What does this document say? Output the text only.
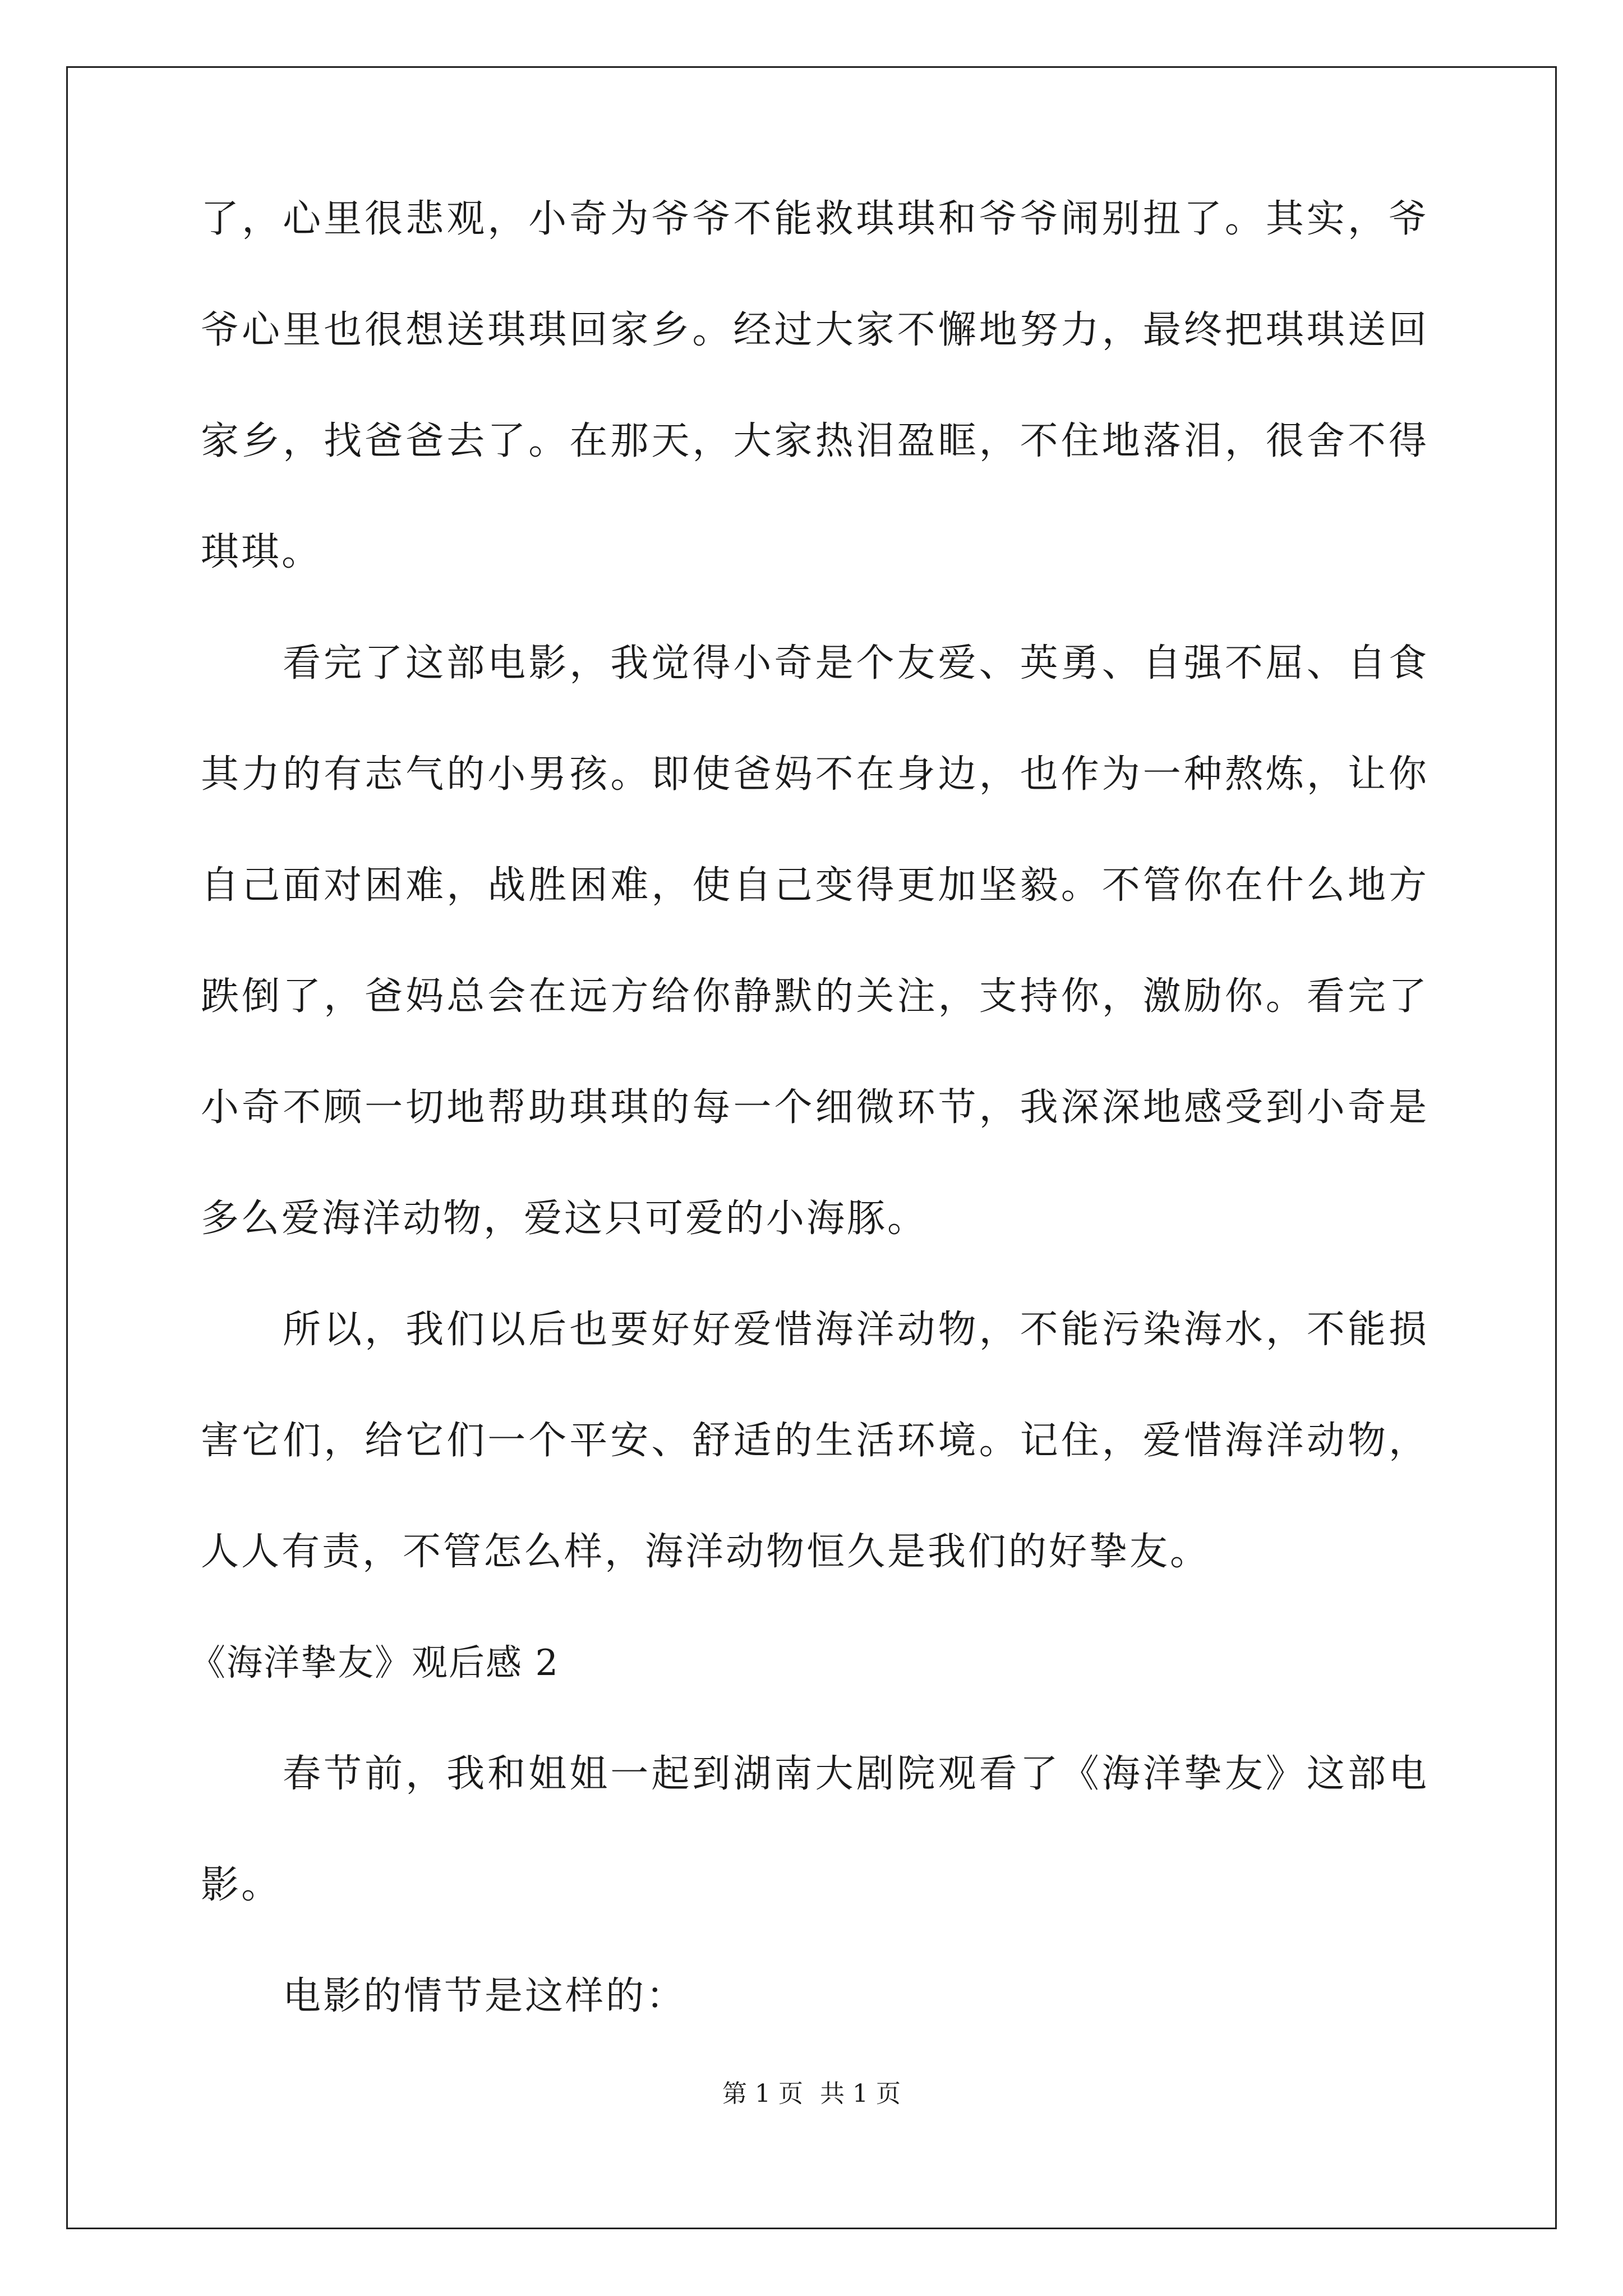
了，心里很悲观，小奇为爷爷不能救琪琪和爷爷闹别扭了。其实，爷
爷心里也很想送琪琪回家乡。经过大家不懈地努力，最终把琪琪送回
家乡，找爸爸去了。在那天，大家热泪盈眶，不住地落泪，很舍不得
琪琪。
看完了这部电影，我觉得小奇是个友爱、英勇、自强不屈、自食
其力的有志气的小男孩。即使爸妈不在身边，也作为一种熬炼，让你
自己面对困难，战胜困难，使自己变得更加坚毅。不管你在什么地方
跌倒了，爸妈总会在远方给你静默的关注，支持你，激励你。看完了
小奇不顾一切地帮助琪琪的每一个细微环节，我深深地感受到小奇是
多么爱海洋动物，爱这只可爱的小海豚。
所以，我们以后也要好好爱惜海洋动物，不能污染海水，不能损
害它们，给它们一个平安、舒适的生活环境。记住，爱惜海洋动物，
人人有责，不管怎么样，海洋动物恒久是我们的好挚友。
《海洋挚友》观后感 2
春节前，我和姐姐一起到湖南大剧院观看了《海洋挚友》这部电
影。
电影的情节是这样的：
第 1 页 共 1 页
